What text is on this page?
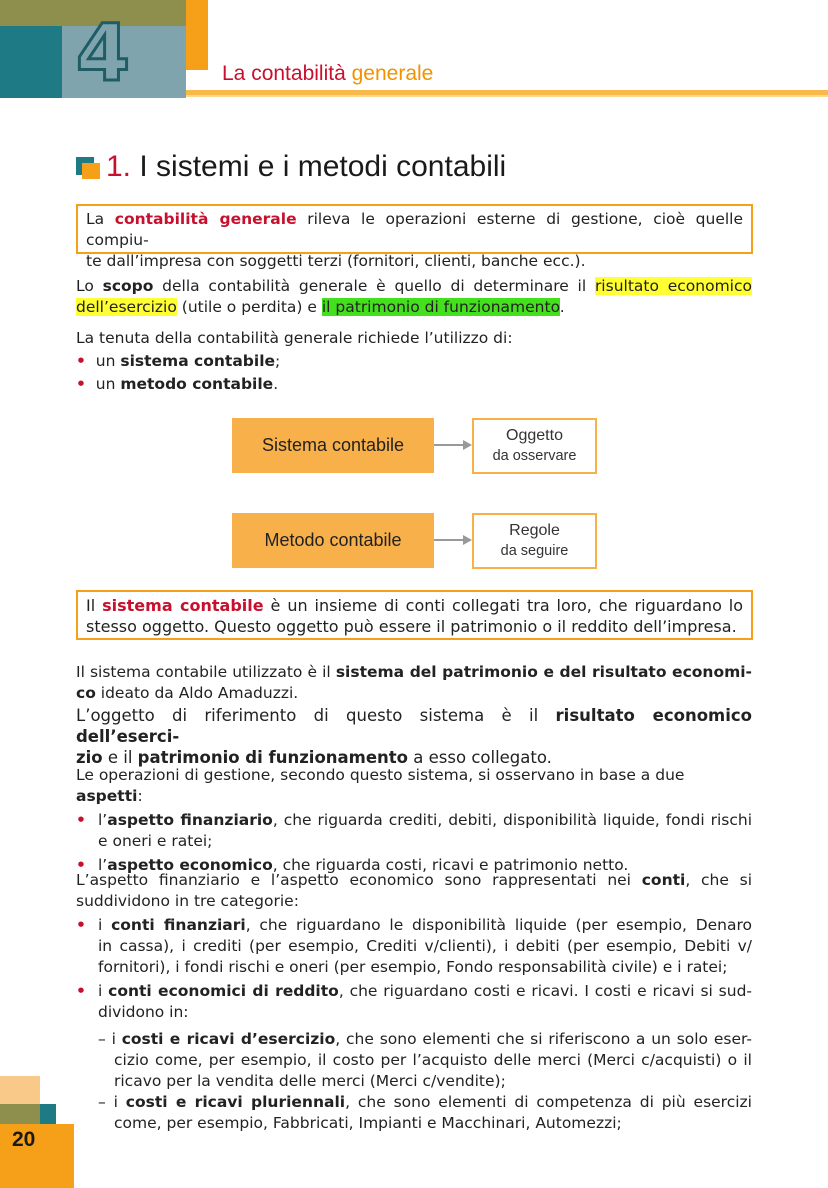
4	La contabilità generale
1. I sistemi e i metodi contabili
La contabilità generale rileva le operazioni esterne di gestione, cioè quelle compiu-
te dall’impresa con soggetti terzi (fornitori, clienti, banche ecc.).
Lo scopo della contabilità generale è quello di determinare il risultato economico
dell’esercizio (utile o perdita) e il patrimonio di funzionamento.
La tenuta della contabilità generale richiede l’utilizzo di:
• un sistema contabile;
• un metodo contabile.
Sistema contabile	Oggetto
da osservare
Metodo contabile	Regole
da seguire
Il sistema contabile è un insieme di conti collegati tra loro, che riguardano lo
stesso oggetto. Questo oggetto può essere il patrimonio o il reddito dell’impresa.
Il sistema contabile utilizzato è il sistema del patrimonio e del risultato economi-
co ideato da Aldo Amaduzzi.
L’oggetto di riferimento di questo sistema è il risultato economico dell’eserci-
zio e il patrimonio di funzionamento a esso collegato.
Le operazioni di gestione, secondo questo sistema, si osservano in base a due aspetti:
• l’aspetto finanziario, che riguarda crediti, debiti, disponibilità liquide, fondi rischi
e oneri e ratei;
• l’aspetto economico, che riguarda costi, ricavi e patrimonio netto.
L’aspetto finanziario e l’aspetto economico sono rappresentati nei conti, che si
suddividono in tre categorie:
• i conti finanziari, che riguardano le disponibilità liquide (per esempio, Denaro
in cassa), i crediti (per esempio, Crediti v/clienti), i debiti (per esempio, Debiti v/
fornitori), i fondi rischi e oneri (per esempio, Fondo responsabilità civile) e i ratei;
• i conti economici di reddito, che riguardano costi e ricavi. I costi e ricavi si sud-
dividono in:
– i costi e ricavi d’esercizio, che sono elementi che si riferiscono a un solo eser-
cizio come, per esempio, il costo per l’acquisto delle merci (Merci c/acquisti) o il
ricavo per la vendita delle merci (Merci c/vendite);
– i costi e ricavi pluriennali, che sono elementi di competenza di più esercizi
come, per esempio, Fabbricati, Impianti e Macchinari, Automezzi;
20
